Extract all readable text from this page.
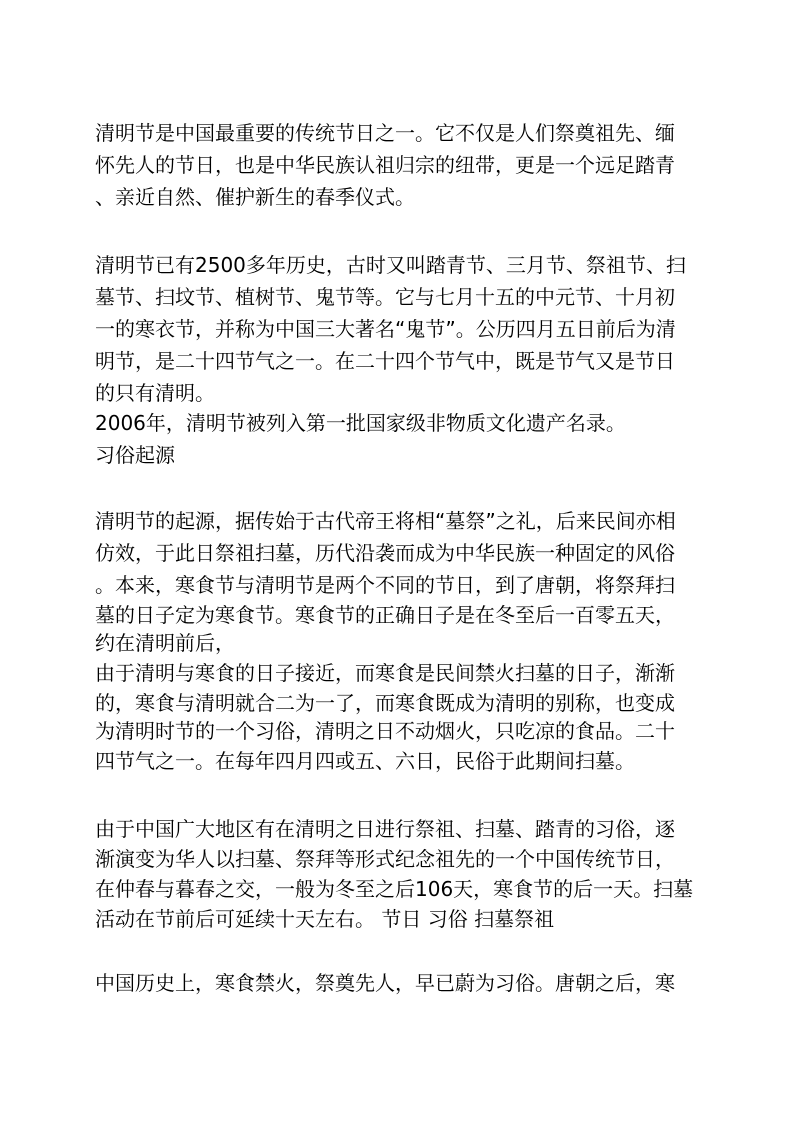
清明节是中国最重要的传统节日之一。它不仅是人们祭奠祖先、缅

怀先人的节日，也是中华民族认祖归宗的纽带，更是一个远足踏青

、亲近自然、催护新生的春季仪式。

清明节已有2500多年历史，古时又叫踏青节、三月节、祭祖节、扫

墓节、扫坟节、植树节、鬼节等。它与七月十五的中元节、十月初

一的寒衣节，并称为中国三大著名“鬼节”。公历四月五日前后为清

明节，是二十四节气之一。在二十四个节气中，既是节气又是节日

的只有清明。

2006年，清明节被列入第一批国家级非物质文化遗产名录。

习俗起源

清明节的起源，据传始于古代帝王将相“墓祭”之礼，后来民间亦相

仿效，于此日祭祖扫墓，历代沿袭而成为中华民族一种固定的风俗

。本来，寒食节与清明节是两个不同的节日，到了唐朝，将祭拜扫

墓的日子定为寒食节。寒食节的正确日子是在冬至后一百零五天，

约在清明前后，

由于清明与寒食的日子接近，而寒食是民间禁火扫墓的日子，渐渐

的，寒食与清明就合二为一了，而寒食既成为清明的别称，也变成

为清明时节的一个习俗，清明之日不动烟火，只吃凉的食品。二十

四节气之一。在每年四月四或五、六日，民俗于此期间扫墓。

由于中国广大地区有在清明之日进行祭祖、扫墓、踏青的习俗，逐

渐演变为华人以扫墓、祭拜等形式纪念祖先的一个中国传统节日，

在仲春与暮春之交，一般为冬至之后106天，寒食节的后一天。扫墓

活动在节前后可延续十天左右。 节日 习俗 扫墓祭祖

中国历史上，寒食禁火，祭奠先人，早已蔚为习俗。唐朝之后，寒
